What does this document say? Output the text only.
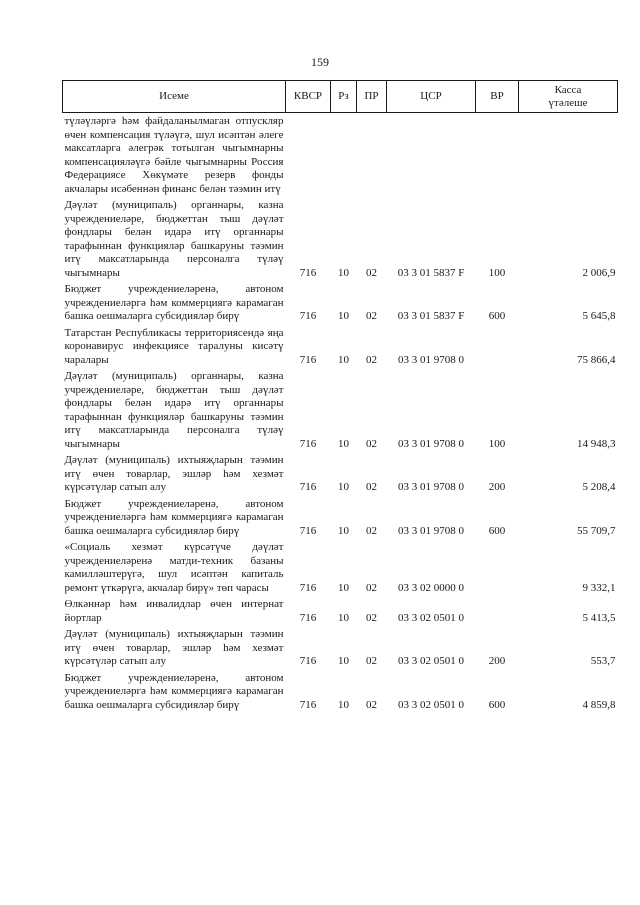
159
Исеме	КВСР	Рз	ПР	ЦСР	ВР	Касса
үтәлеше

түләүләргә һәм файдаланылмаган отпускляр өчен компенсация түләүгә, шул исәптән әлеге максатларга әлегрәк тотылган чыгымнарны компенсацияләүгә бәйле чыгымнарны Россия Федерациясе Хөкүмәте резерв фонды акчалары исәбеннән финанс белән тәэмин итү						
Дәүләт (муниципаль) органнары, казна учреждениеләре, бюджеттан тыш дәүләт фондлары белән идарә итү органнары тарафыннан функцияләр башкаруны тәэмин итү максатларында персоналга түләү чыгымнары	716	10	02	03 3 01 5837 F	100	2 006,9
Бюджет учреждениеләренә, автоном учреждениеләргә һәм коммерциягә карамаган башка оешмаларга субсидияләр бирү	716	10	02	03 3 01 5837 F	600	5 645,8
Татарстан Республикасы территориясендә яңа коронавирус инфекциясе таралуны кисәтү чаралары	716	10	02	03 3 01 9708 0		75 866,4
Дәүләт (муниципаль) органнары, казна учреждениеләре, бюджеттан тыш дәүләт фондлары белән идарә итү органнары тарафыннан функцияләр башкаруны тәэмин итү максатларында персоналга түләү чыгымнары	716	10	02	03 3 01 9708 0	100	14 948,3
Дәүләт (муниципаль) ихтыяҗларын тәэмин итү өчен товарлар, эшләр һәм хезмәт күрсәтүләр сатып алу	716	10	02	03 3 01 9708 0	200	5 208,4
Бюджет учреждениеләренә, автоном учреждениеләргә һәм коммерциягә карамаган башка оешмаларга субсидияләр бирү	716	10	02	03 3 01 9708 0	600	55 709,7
«Социаль хезмәт күрсәтүче дәүләт учреждениеләренә матди-техник базаны камилләштерүгә, шул исәптән капиталь ремонт үткәрүгә, акчалар бирү» төп чарасы	716	10	02	03 3 02 0000 0		9 332,1
Өлкәннәр һәм инвалидлар өчен интернат йортлар	716	10	02	03 3 02 0501 0		5 413,5
Дәүләт (муниципаль) ихтыяҗларын тәэмин итү өчен товарлар, эшләр һәм хезмәт күрсәтүләр сатып алу	716	10	02	03 3 02 0501 0	200	553,7
Бюджет учреждениеләренә, автоном учреждениеләргә һәм коммерциягә карамаган башка оешмаларга субсидияләр бирү	716	10	02	03 3 02 0501 0	600	4 859,8
